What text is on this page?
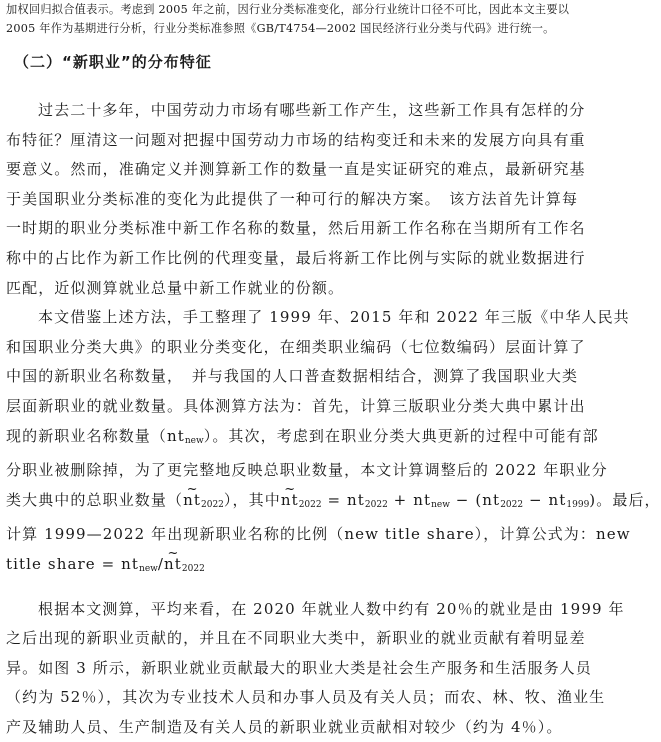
加权回归拟合值表示。考虑到 2005 年之前，因行业分类标准变化，部分行业统计口径不可比，因此本文主要以
2005 年作为基期进行分析，行业分类标准参照《GB/T4754—2002 国民经济行业分类与代码》进行统一。
（二）“新职业”的分布特征

过去二十多年，中国劳动力市场有哪些新工作产生，这些新工作具有怎样的分
布特征？厘清这一问题对把握中国劳动力市场的结构变迁和未来的发展方向具有重
要意义。然而，准确定义并测算新工作的数量一直是实证研究的难点，最新研究基
于美国职业分类标准的变化为此提供了一种可行的解决方案。　该方法首先计算每
一时期的职业分类标准中新工作名称的数量，然后用新工作名称在当期所有工作名
称中的占比作为新工作比例的代理变量，最后将新工作比例与实际的就业数据进行
匹配，近似测算就业总量中新工作就业的份额。

本文借鉴上述方法，手工整理了 1999 年、2015 年和 2022 年三版《中华人民共
和国职业分类大典》的职业分类变化，在细类职业编码（七位数编码）层面计算了
中国的新职业名称数量，　并与我国的人口普查数据相结合，测算了我国职业大类
层面新职业的就业数量。具体测算方法为：首先，计算三版职业分类大典中累计出
现的新职业名称数量$(nt_{new})$。其次，考虑到在职业分类大典更新的过程中可能有部
分职业被删除掉，为了更完整地反映总职业数量，本文计算调整后的 2022 年职业分
类大典中的总职业数量（~ $nt_{2022}$），其中~ $nt_{2022} = nt_{2022} + nt_{new} - (nt_{2022} - nt_{1999})$。最后，
计算 1999—2022 年出现新职业名称的比例（new title share），计算公式为：new
title share = $nt_{new}/\sim$ $nt_{2022}$

根据本文测算，平均来看，在 2020 年就业人数中约有 20％的就业是由 1999 年
之后出现的新职业贡献的，并且在不同职业大类中，新职业的就业贡献有着明显差
异。如图 3 所示，新职业就业贡献最大的职业大类是社会生产服务和生活服务人员
（约为 52％），其次为专业技术人员和办事人员及有关人员；而农、林、牧、渔业生
产及辅助人员、生产制造及有关人员的新职业就业贡献相对较少（约为 4％）。
